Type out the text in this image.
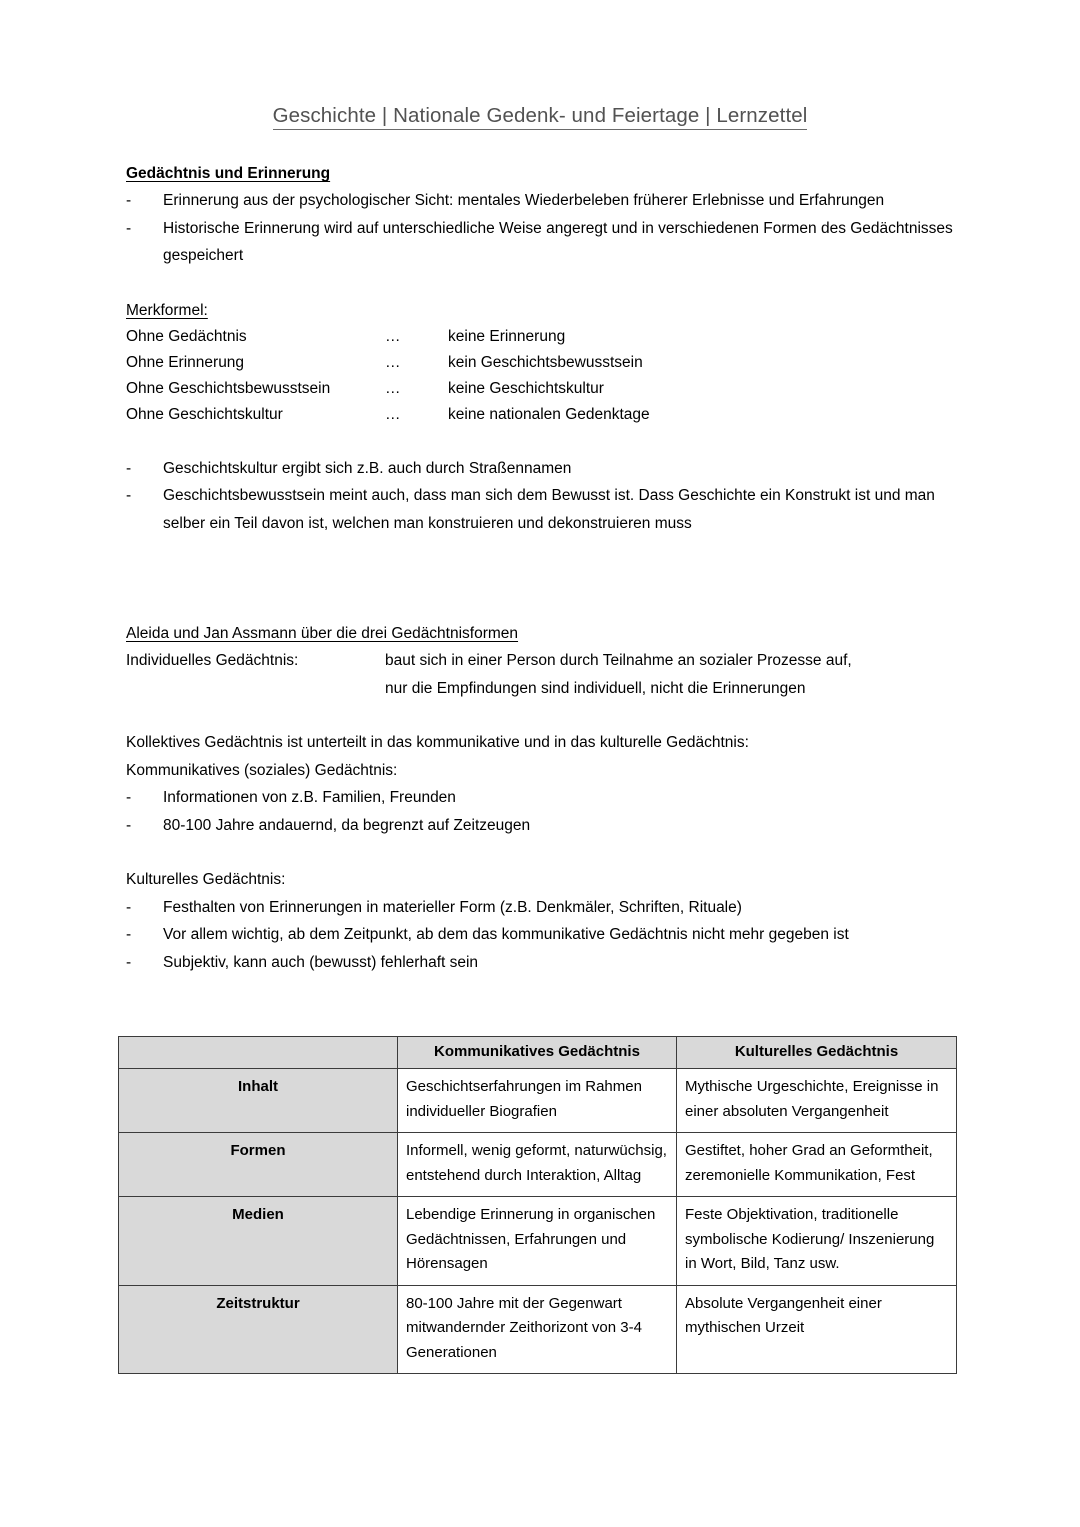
Geschichte | Nationale Gedenk- und Feiertage | Lernzettel
Gedächtnis und Erinnerung
- Erinnerung aus der psychologischer Sicht: mentales Wiederbeleben früherer Erlebnisse und Erfahrungen
- Historische Erinnerung wird auf unterschiedliche Weise angeregt und in verschiedenen Formen des Gedächtnisses gespeichert
Merkformel:
Ohne Gedächtnis	…	keine Erinnerung
Ohne Erinnerung	…	kein Geschichtsbewusstsein
Ohne Geschichtsbewusstsein	…	keine Geschichtskultur
Ohne Geschichtskultur	…	keine nationalen Gedenktage
- Geschichtskultur ergibt sich z.B. auch durch Straßennamen
- Geschichtsbewusstsein meint auch, dass man sich dem Bewusst ist. Dass Geschichte ein Konstrukt ist und man selber ein Teil davon ist, welchen man konstruieren und dekonstruieren muss
Aleida und Jan Assmann über die drei Gedächtnisformen
Individuelles Gedächtnis:	baut sich in einer Person durch Teilnahme an sozialer Prozesse auf,
nur die Empfindungen sind individuell, nicht die Erinnerungen
Kollektives Gedächtnis ist unterteilt in das kommunikative und in das kulturelle Gedächtnis:
Kommunikatives (soziales) Gedächtnis:
- Informationen von z.B. Familien, Freunden
- 80-100 Jahre andauernd, da begrenzt auf Zeitzeugen
Kulturelles Gedächtnis:
- Festhalten von Erinnerungen in materieller Form (z.B. Denkmäler, Schriften, Rituale)
- Vor allem wichtig, ab dem Zeitpunkt, ab dem das kommunikative Gedächtnis nicht mehr gegeben ist
- Subjektiv, kann auch (bewusst) fehlerhaft sein
	Kommunikatives Gedächtnis	Kulturelles Gedächtnis
Inhalt	Geschichtserfahrungen im Rahmen individueller Biografien	Mythische Urgeschichte, Ereignisse in einer absoluten Vergangenheit
Formen	Informell, wenig geformt, naturwüchsig, entstehend durch Interaktion, Alltag	Gestiftet, hoher Grad an Geformtheit, zeremonielle Kommunikation, Fest
Medien	Lebendige Erinnerung in organischen Gedächtnissen, Erfahrungen und Hörensagen	Feste Objektivation, traditionelle symbolische Kodierung/ Inszenierung in Wort, Bild, Tanz usw.
Zeitstruktur	80-100 Jahre mit der Gegenwart mitwandernder Zeithorizont von 3-4 Generationen	Absolute Vergangenheit einer mythischen Urzeit
